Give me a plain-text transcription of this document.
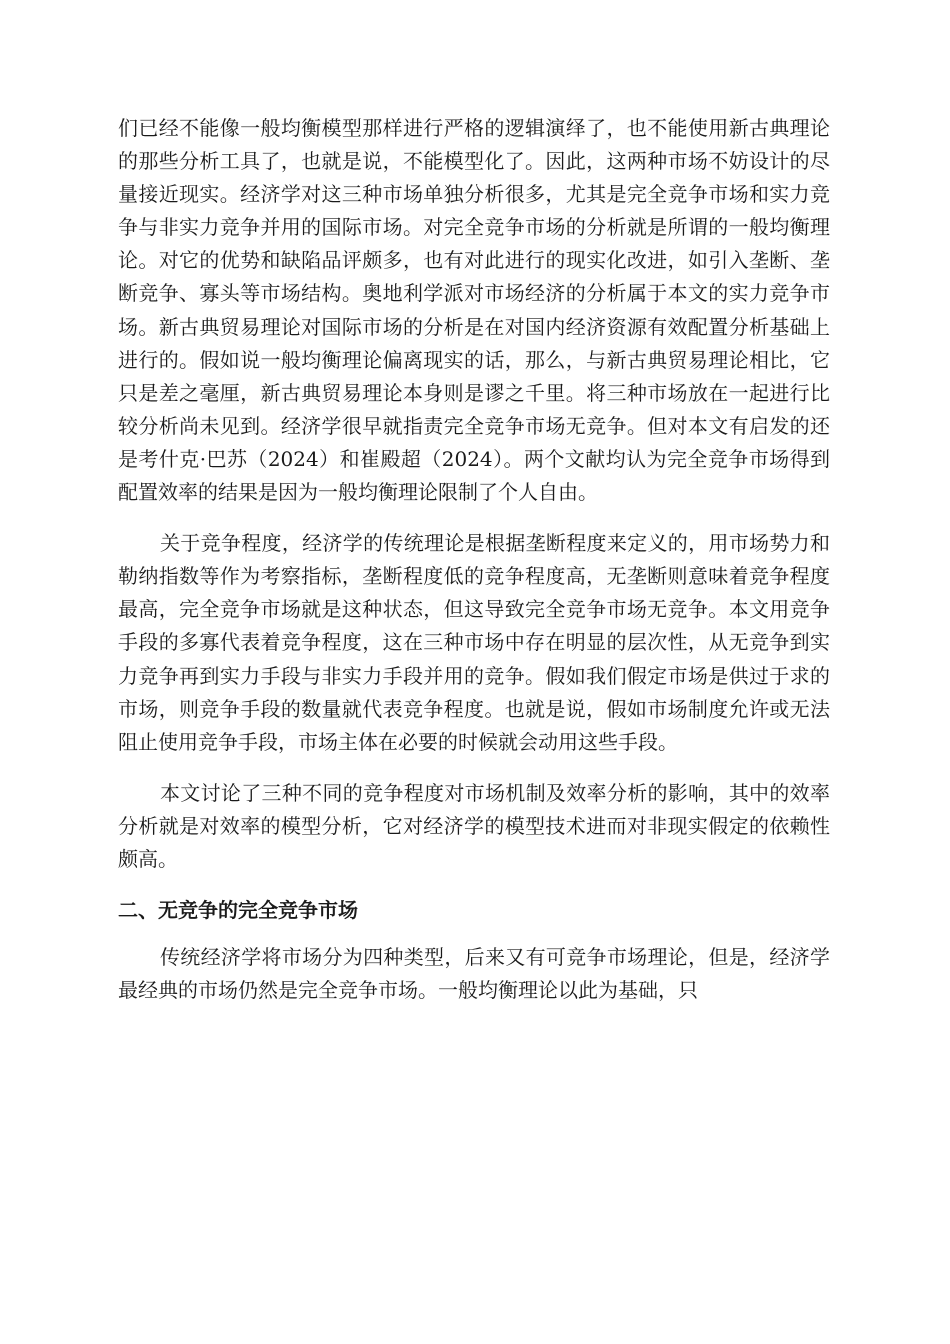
们已经不能像一般均衡模型那样进行严格的逻辑演绎了，也不能使用新古典理论的那些分析工具了，也就是说，不能模型化了。因此，这两种市场不妨设计的尽量接近现实。经济学对这三种市场单独分析很多，尤其是完全竞争市场和实力竞争与非实力竞争并用的国际市场。对完全竞争市场的分析就是所谓的一般均衡理论。对它的优势和缺陷品评颇多，也有对此进行的现实化改进，如引入垄断、垄断竞争、寡头等市场结构。奥地利学派对市场经济的分析属于本文的实力竞争市场。新古典贸易理论对国际市场的分析是在对国内经济资源有效配置分析基础上进行的。假如说一般均衡理论偏离现实的话，那么，与新古典贸易理论相比，它只是差之毫厘，新古典贸易理论本身则是谬之千里。将三种市场放在一起进行比较分析尚未见到。经济学很早就指责完全竞争市场无竞争。但对本文有启发的还是考什克·巴苏（2024）和崔殿超（2024）。两个文献均认为完全竞争市场得到配置效率的结果是因为一般均衡理论限制了个人自由。

关于竞争程度，经济学的传统理论是根据垄断程度来定义的，用市场势力和勒纳指数等作为考察指标，垄断程度低的竞争程度高，无垄断则意味着竞争程度最高，完全竞争市场就是这种状态，但这导致完全竞争市场无竞争。本文用竞争手段的多寡代表着竞争程度，这在三种市场中存在明显的层次性，从无竞争到实力竞争再到实力手段与非实力手段并用的竞争。假如我们假定市场是供过于求的市场，则竞争手段的数量就代表竞争程度。也就是说，假如市场制度允许或无法阻止使用竞争手段，市场主体在必要的时候就会动用这些手段。

本文讨论了三种不同的竞争程度对市场机制及效率分析的影响，其中的效率分析就是对效率的模型分析，它对经济学的模型技术进而对非现实假定的依赖性颇高。

二、无竞争的完全竞争市场

传统经济学将市场分为四种类型，后来又有可竞争市场理论，但是，经济学最经典的市场仍然是完全竞争市场。一般均衡理论以此为基础，只
